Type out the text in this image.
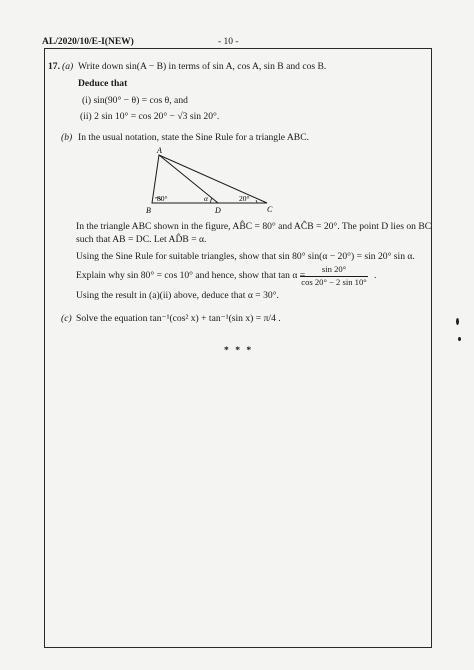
AL/2020/10/E-I(NEW)	- 10 -
17. (a) Write down sin(A − B) in terms of sin A, cos A, sin B and cos B.
Deduce that
(i) sin(90° − θ) = cos θ, and
(ii) 2 sin 10° = cos 20° − √3 sin 20°.
(b) In the usual notation, state the Sine Rule for a triangle ABC.
A
B	D	C
80°	α	20°
In the triangle ABC shown in the figure, AB̂C = 80° and AĈB = 20°. The point D lies on BC
such that AB = DC. Let AD̂B = α.
Using the Sine Rule for suitable triangles, show that sin 80° sin(α − 20°) = sin 20° sin α.
Explain why sin 80° = cos 10° and hence, show that tan α =
sin 20°
cos 20° − 2 sin 10°
.
Using the result in (a)(ii) above, deduce that α = 30°.
(c) Solve the equation tan⁻¹(cos² x) + tan⁻¹(sin x) = π/4 .
* * *
